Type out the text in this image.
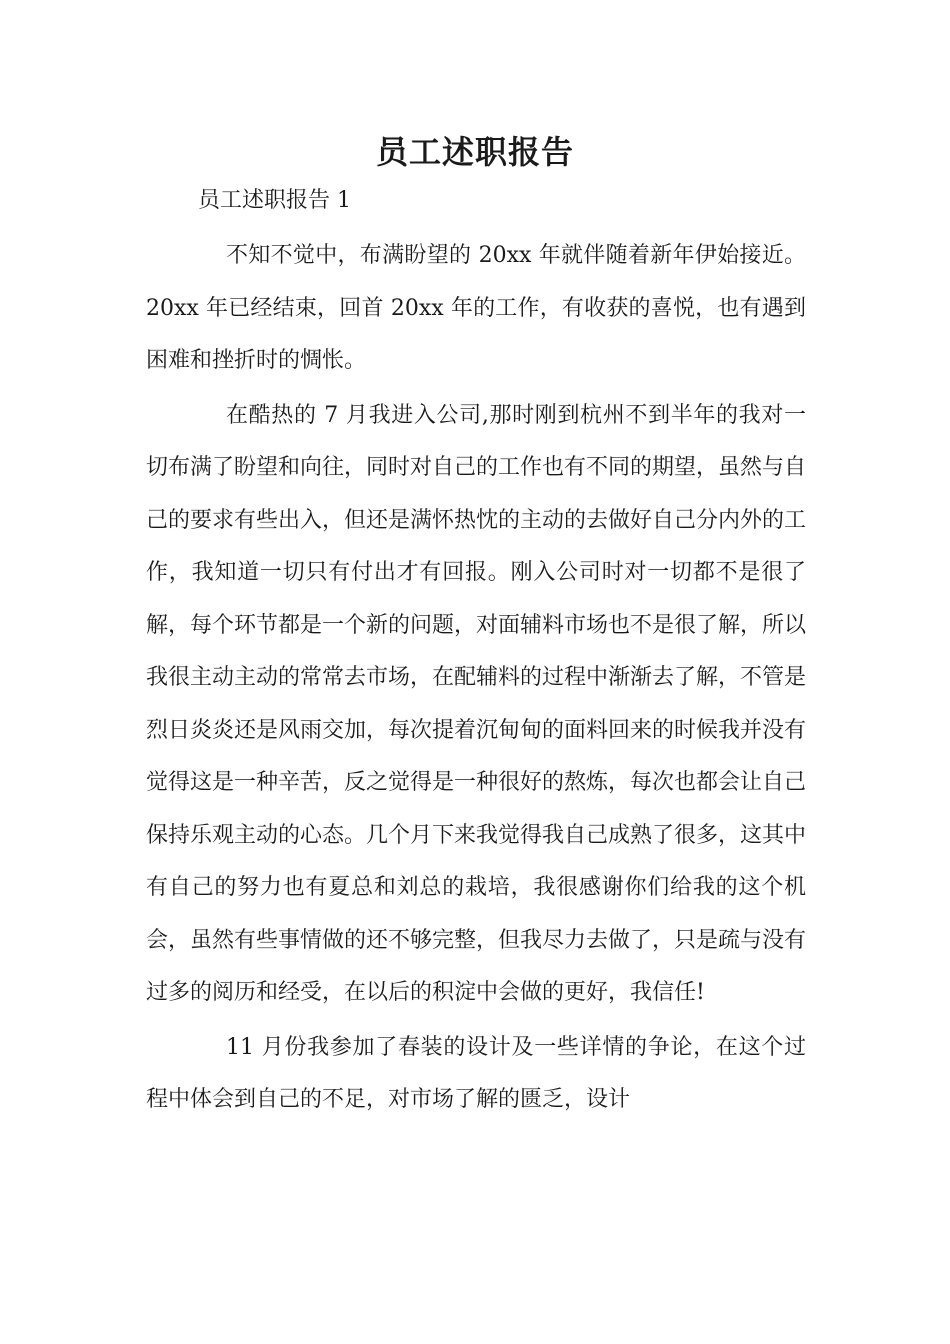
员工述职报告

员工述职报告 1

不知不觉中，布满盼望的 20xx 年就伴随着新年伊始接近。20xx 年已经结束，回首 20xx 年的工作，有收获的喜悦，也有遇到困难和挫折时的惆怅。

在酷热的 7 月我进入公司,那时刚到杭州不到半年的我对一切布满了盼望和向往，同时对自己的工作也有不同的期望，虽然与自己的要求有些出入，但还是满怀热忱的主动的去做好自己分内外的工作，我知道一切只有付出才有回报。刚入公司时对一切都不是很了解，每个环节都是一个新的问题，对面辅料市场也不是很了解，所以我很主动主动的常常去市场，在配辅料的过程中渐渐去了解，不管是烈日炎炎还是风雨交加，每次提着沉甸甸的面料回来的时候我并没有觉得这是一种辛苦，反之觉得是一种很好的熬炼，每次也都会让自己保持乐观主动的心态。几个月下来我觉得我自己成熟了很多，这其中有自己的努力也有夏总和刘总的栽培，我很感谢你们给我的这个机会，虽然有些事情做的还不够完整，但我尽力去做了，只是疏与没有过多的阅历和经受，在以后的积淀中会做的更好，我信任!

11 月份我参加了春装的设计及一些详情的争论，在这个过程中体会到自己的不足，对市场了解的匮乏，设计
